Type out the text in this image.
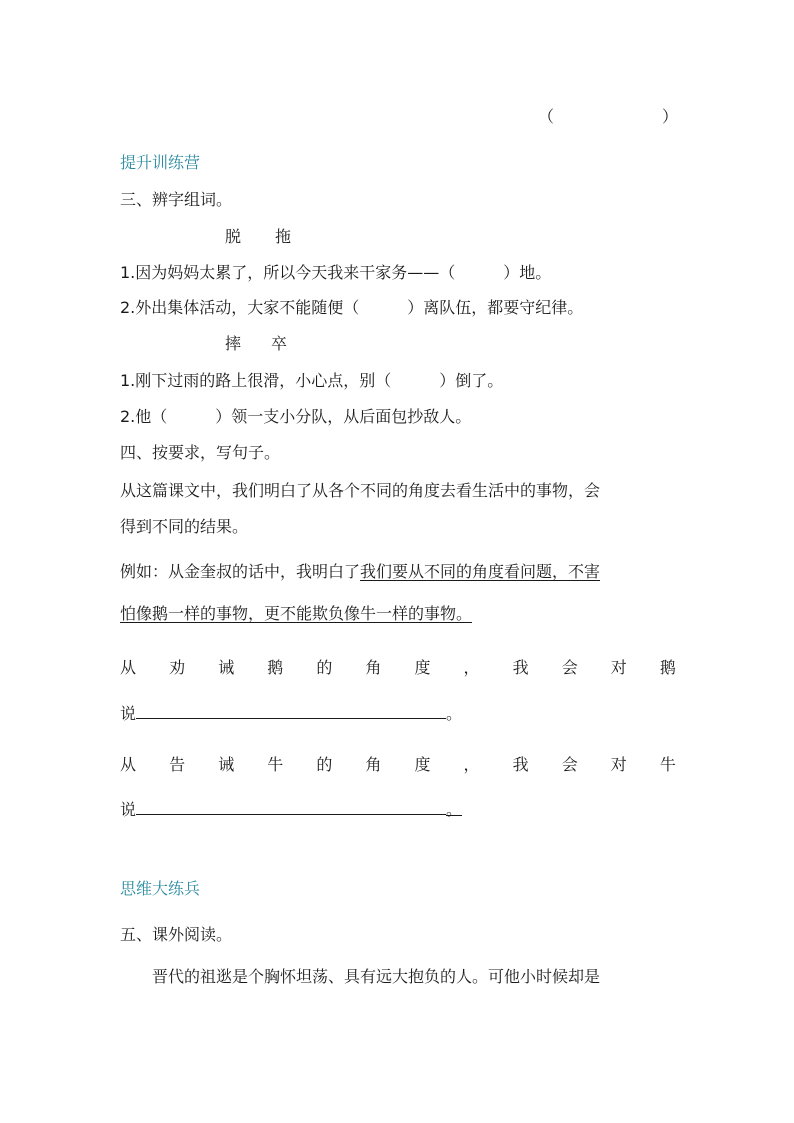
（	）
提升训练营
三、辨字组词。
脱 拖
1.因为妈妈太累了，所以今天我来干家务——（　　　）地。
2.外出集体活动，大家不能随便（　　　）离队伍，都要守纪律。
摔 卒
1.刚下过雨的路上很滑，小心点，别（　　　）倒了。
2.他（　　　）领一支小分队，从后面包抄敌人。
四、按要求，写句子。
从这篇课文中，我们明白了从各个不同的角度去看生活中的事物，会
得到不同的结果。
例如：从金奎叔的话中，我明白了我们要从不同的角度看问题，不害
怕像鹅一样的事物，更不能欺负像牛一样的事物。
从 劝 诫 鹅 的 角 度 ， 我 会 对 鹅
说	。
从 告 诫 牛 的 角 度 ， 我 会 对 牛
说	。
思维大练兵
五、课外阅读。
晋代的祖逖是个胸怀坦荡、具有远大抱负的人。可他小时候却是
